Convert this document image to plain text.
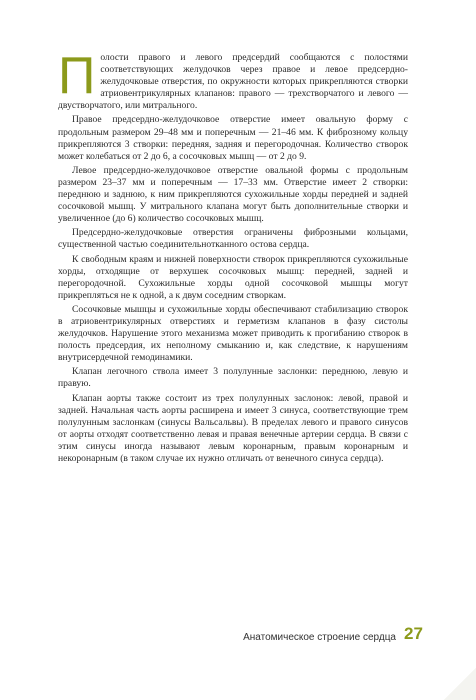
Полости правого и левого предсердий сообщаются с полостями соответствующих желудочков через правое и левое предсердно-желудочковые отверстия, по окружности которых прикрепляются створки атриовентрикулярных клапанов: правого — трехстворчатого и левого — двустворчатого, или митрального.

Правое предсердно-желудочковое отверстие имеет овальную форму с продольным размером 29–48 мм и поперечным — 21–46 мм. К фиброзному кольцу прикрепляются 3 створки: передняя, задняя и перегородочная. Количество створок может колебаться от 2 до 6, а сосочковых мышц — от 2 до 9.

Левое предсердно-желудочковое отверстие овальной формы с продольным размером 23–37 мм и поперечным — 17–33 мм. Отверстие имеет 2 створки: переднюю и заднюю, к ним прикрепляются сухожильные хорды передней и задней сосочковой мышц. У митрального клапана могут быть дополнительные створки и увеличенное (до 6) количество сосочковых мышц.

Предсердно-желудочковые отверстия ограничены фиброзными кольцами, существенной частью соединительнотканного остова сердца.

К свободным краям и нижней поверхности створок прикрепляются сухожильные хорды, отходящие от верхушек сосочковых мышц: передней, задней и перегородочной. Сухожильные хорды одной сосочковой мышцы могут прикрепляться не к одной, а к двум соседним створкам.

Сосочковые мышцы и сухожильные хорды обеспечивают стабилизацию створок в атриовентрикулярных отверстиях и герметизм клапанов в фазу систолы желудочков. Нарушение этого механизма может приводить к прогибанию створок в полость предсердия, их неполному смыканию и, как следствие, к нарушениям внутрисердечной гемодинамики.

Клапан легочного ствола имеет 3 полулунные заслонки: переднюю, левую и правую.

Клапан аорты также состоит из трех полулунных заслонок: левой, правой и задней. Начальная часть аорты расширена и имеет 3 синуса, соответствующие трем полулунным заслонкам (синусы Вальсальвы). В пределах левого и правого синусов от аорты отходят соответственно левая и правая венечные артерии сердца. В связи с этим синусы иногда называют левым коронарным, правым коронарным и некоронарным (в таком случае их нужно отличать от венечного синуса сердца).

Анатомическое строение сердца 27
